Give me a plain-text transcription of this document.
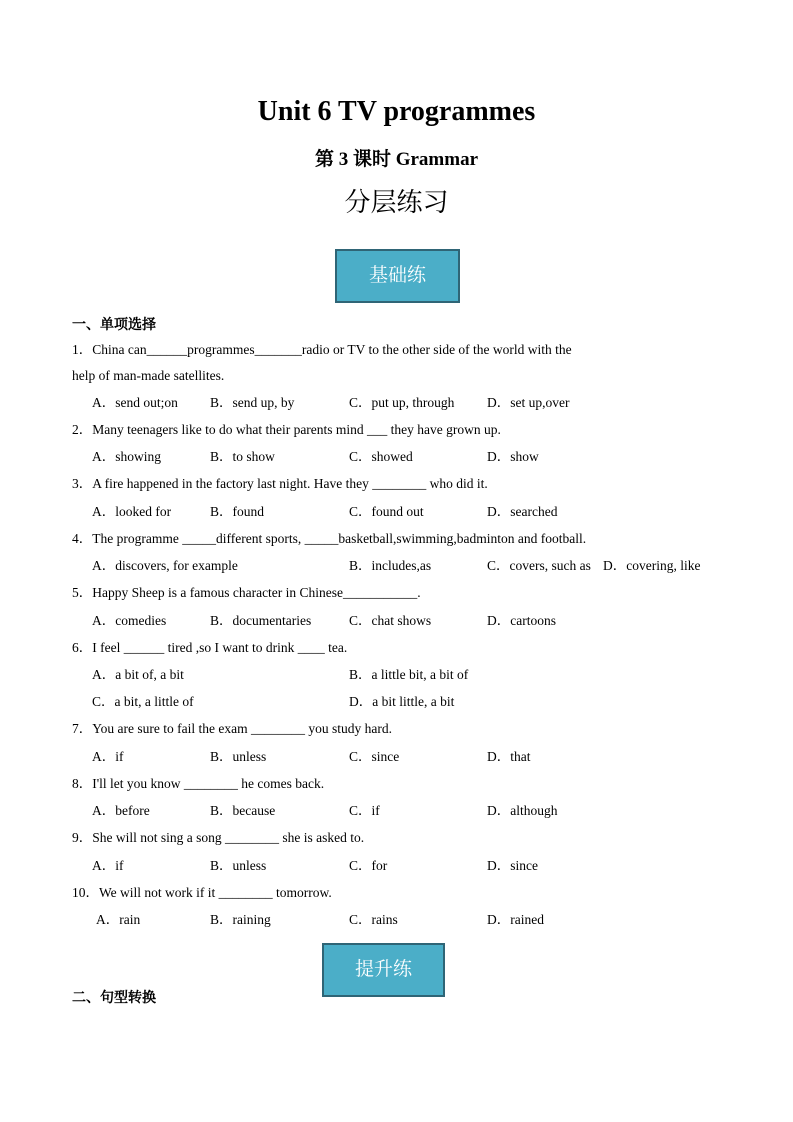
Unit 6 TV programmes
第 3 课时 Grammar
分层练习
基础练
一、单项选择
1．China can______programmes_______radio or TV to the other side of the world with the
help of man-made satellites.
A．send out;on B．send up, by	C．put up, through D．set up,over
2．Many teenagers like to do what their parents mind ___ they have grown up.
A．showing	B．to show	C．showed	D．show
3．A fire happened in the factory last night. Have they ________ who did it.
A．looked for	B．found	C．found out	D．searched
4．The programme _____different sports, _____basketball,swimming,badminton and football.
A．discovers, for example	B．includes,as	C．covers, such as D．covering, like
5．Happy Sheep is a famous character in Chinese___________.
A．comedies	B．documentaries	C．chat shows	D．cartoons
6．I feel ______ tired ,so I want to drink ____ tea.
A．a bit of, a bit	B．a little bit, a bit of
C．a bit, a little of	D．a bit little, a bit
7．You are sure to fail the exam ________ you study hard.
A．if	B．unless	C．since	D．that
8．I'll let you know ________ he comes back.
A．before	B．because	C．if	D．although
9．She will not sing a song ________ she is asked to.
A．if	B．unless	C．for	D．since
10．We will not work if it ________ tomorrow.
A．rain	B．raining	C．rains	D．rained
提升练
二、句型转换
